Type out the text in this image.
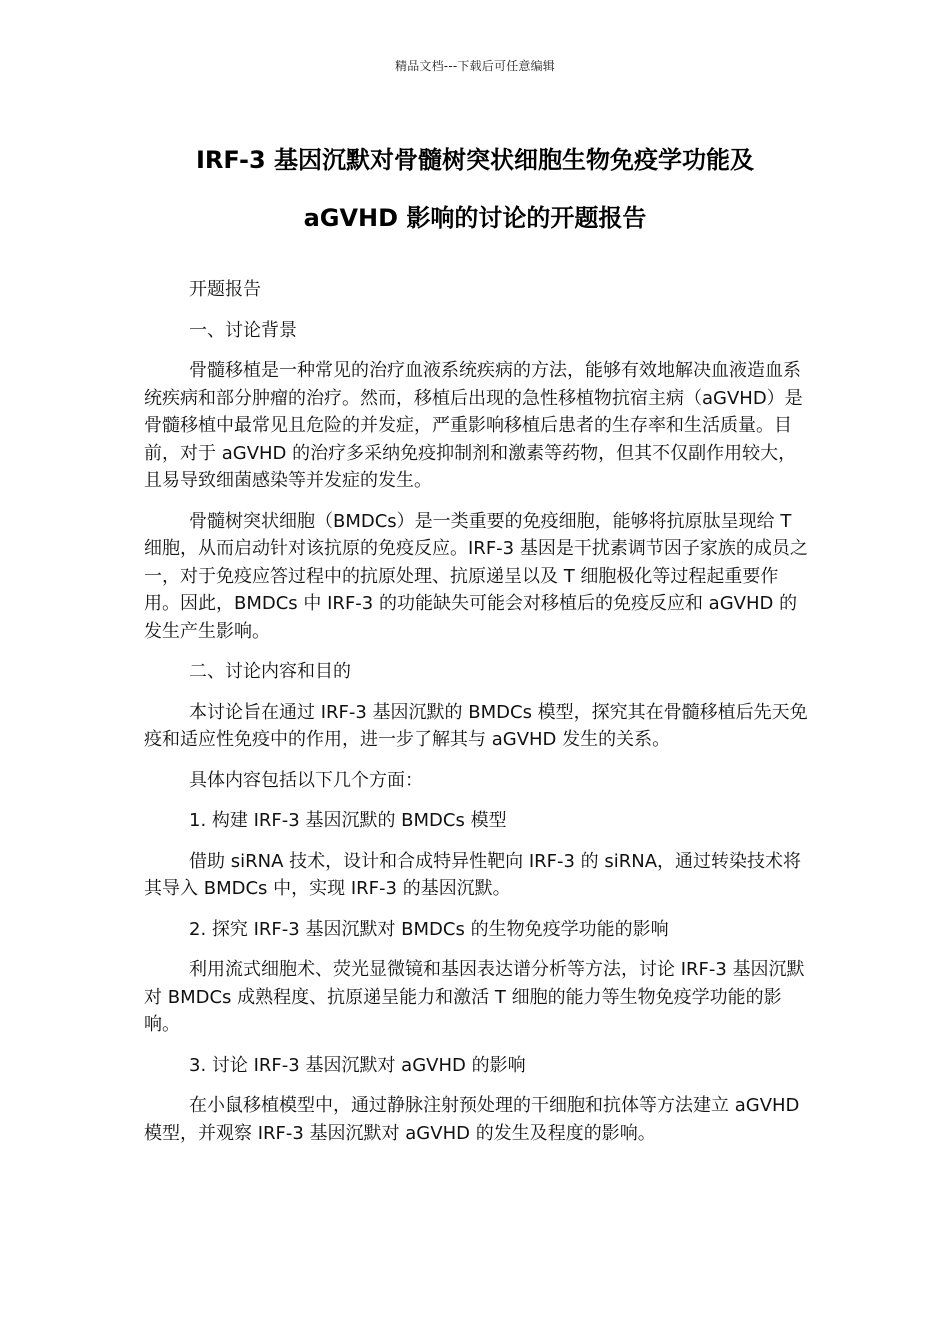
精品文档---下载后可任意编辑
IRF-3 基因沉默对骨髓树突状细胞生物免疫学功能及
aGVHD 影响的讨论的开题报告
开题报告
一、讨论背景
骨髓移植是一种常见的治疗血液系统疾病的方法，能够有效地解决血液造血系统疾病和部分肿瘤的治疗。然而，移植后出现的急性移植物抗宿主病（aGVHD）是骨髓移植中最常见且危险的并发症，严重影响移植后患者的生存率和生活质量。目前，对于 aGVHD 的治疗多采纳免疫抑制剂和激素等药物，但其不仅副作用较大，且易导致细菌感染等并发症的发生。
骨髓树突状细胞（BMDCs）是一类重要的免疫细胞，能够将抗原肽呈现给 T 细胞，从而启动针对该抗原的免疫反应。IRF-3 基因是干扰素调节因子家族的成员之一，对于免疫应答过程中的抗原处理、抗原递呈以及 T 细胞极化等过程起重要作用。因此，BMDCs 中 IRF-3 的功能缺失可能会对移植后的免疫反应和 aGVHD 的发生产生影响。
二、讨论内容和目的
本讨论旨在通过 IRF-3 基因沉默的 BMDCs 模型，探究其在骨髓移植后先天免疫和适应性免疫中的作用，进一步了解其与 aGVHD 发生的关系。
具体内容包括以下几个方面：
1. 构建 IRF-3 基因沉默的 BMDCs 模型
借助 siRNA 技术，设计和合成特异性靶向 IRF-3 的 siRNA，通过转染技术将其导入 BMDCs 中，实现 IRF-3 的基因沉默。
2. 探究 IRF-3 基因沉默对 BMDCs 的生物免疫学功能的影响
利用流式细胞术、荧光显微镜和基因表达谱分析等方法，讨论 IRF-3 基因沉默对 BMDCs 成熟程度、抗原递呈能力和激活 T 细胞的能力等生物免疫学功能的影响。
3. 讨论 IRF-3 基因沉默对 aGVHD 的影响
在小鼠移植模型中，通过静脉注射预处理的干细胞和抗体等方法建立 aGVHD 模型，并观察 IRF-3 基因沉默对 aGVHD 的发生及程度的影响。
